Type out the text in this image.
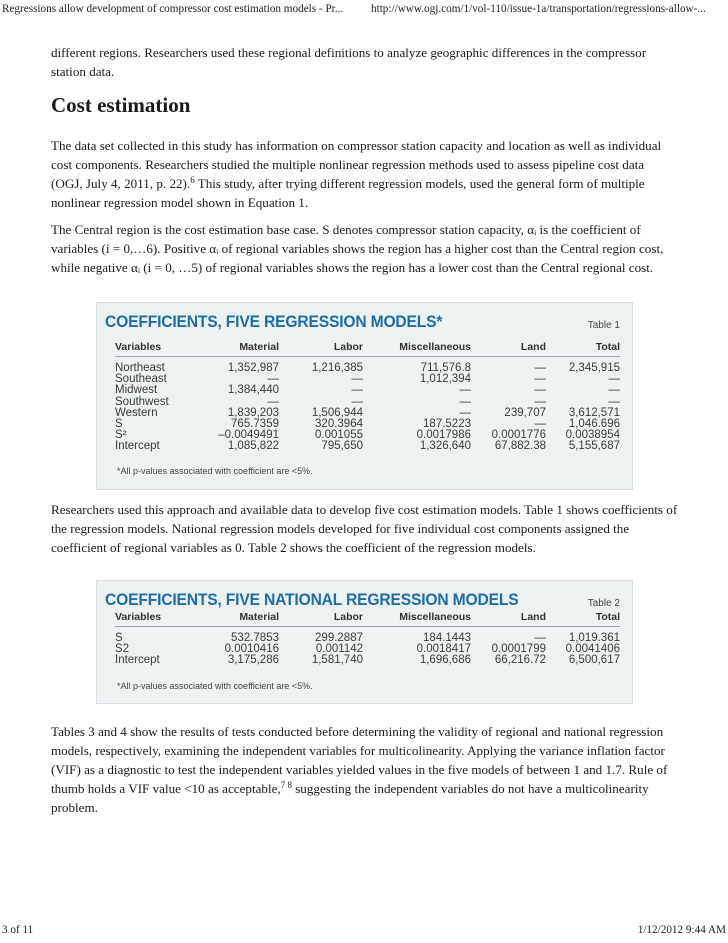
Regressions allow development of compressor cost estimation models - Pr... http://www.ogj.com/1/vol-110/issue-1a/transportation/regressions-allow-...

different regions. Researchers used these regional definitions to analyze geographic differences in the compressor station data.

Cost estimation

The data set collected in this study has information on compressor station capacity and location as well as individual cost components. Researchers studied the multiple nonlinear regression methods used to assess pipeline cost data (OGJ, July 4, 2011, p. 22).$^6$ This study, after trying different regression models, used the general form of multiple nonlinear regression model shown in Equation 1.

The Central region is the cost estimation base case. S denotes compressor station capacity, αᵢ is the coefficient of variables (i = 0,…6). Positive αᵢ of regional variables shows the region has a higher cost than the Central region cost, while negative αᵢ (i = 0, …5) of regional variables shows the region has a lower cost than the Central regional cost.

Researchers used this approach and available data to develop five cost estimation models. Table 1 shows coefficients of the regression models. National regression models developed for five individual cost components assigned the coefficient of regional variables as 0. Table 2 shows the coefficient of the regression models.

Tables 3 and 4 show the results of tests conducted before determining the validity of regional and national regression models, respectively, examining the independent variables for multicolinearity. Applying the variance inflation factor (VIF) as a diagnostic to test the independent variables yielded values in the five models of between 1 and 1.7. Rule of thumb holds a VIF value <10 as acceptable,$^{7 8}$ suggesting the independent variables do not have a multicolinearity problem.

COEFFICIENTS, FIVE REGRESSION MODELS*	Table 1
Variables	Material	Labor	Miscellaneous	Land	Total
Northeast	1,352,987	1,216,385	711,576.8	—	2,345,915
Southeast	—	—	1,012,394	—	—
Midwest	1,384,440	—	—	—	—
Southwest	—	—	—	—	—
Western	1,839,203	1,506,944	—	239,707	3,612,571
S	765.7359	320.3964	187.5223	—	1,046.696
S²	–0.0049491	0.001055	0.0017986	0.0001776	0.0038954
Intercept	1,085,822	795,650	1,326,640	67,882.38	5,155,687
*All p-values associated with coefficient are <5%.
COEFFICIENTS, FIVE NATIONAL REGRESSION MODELS	Table 2
Variables	Material	Labor	Miscellaneous	Land	Total
S	532.7853	299.2887	184.1443	—	1,019.361
S2	0.0010416	0.001142	0.0018417	0.0001799	0.0041406
Intercept	3,175,286	1,581,740	1,696,686	66,216.72	6,500,617
*All p-values associated with coefficient are <5%.
3 of 11	1/12/2012 9:44 AM
